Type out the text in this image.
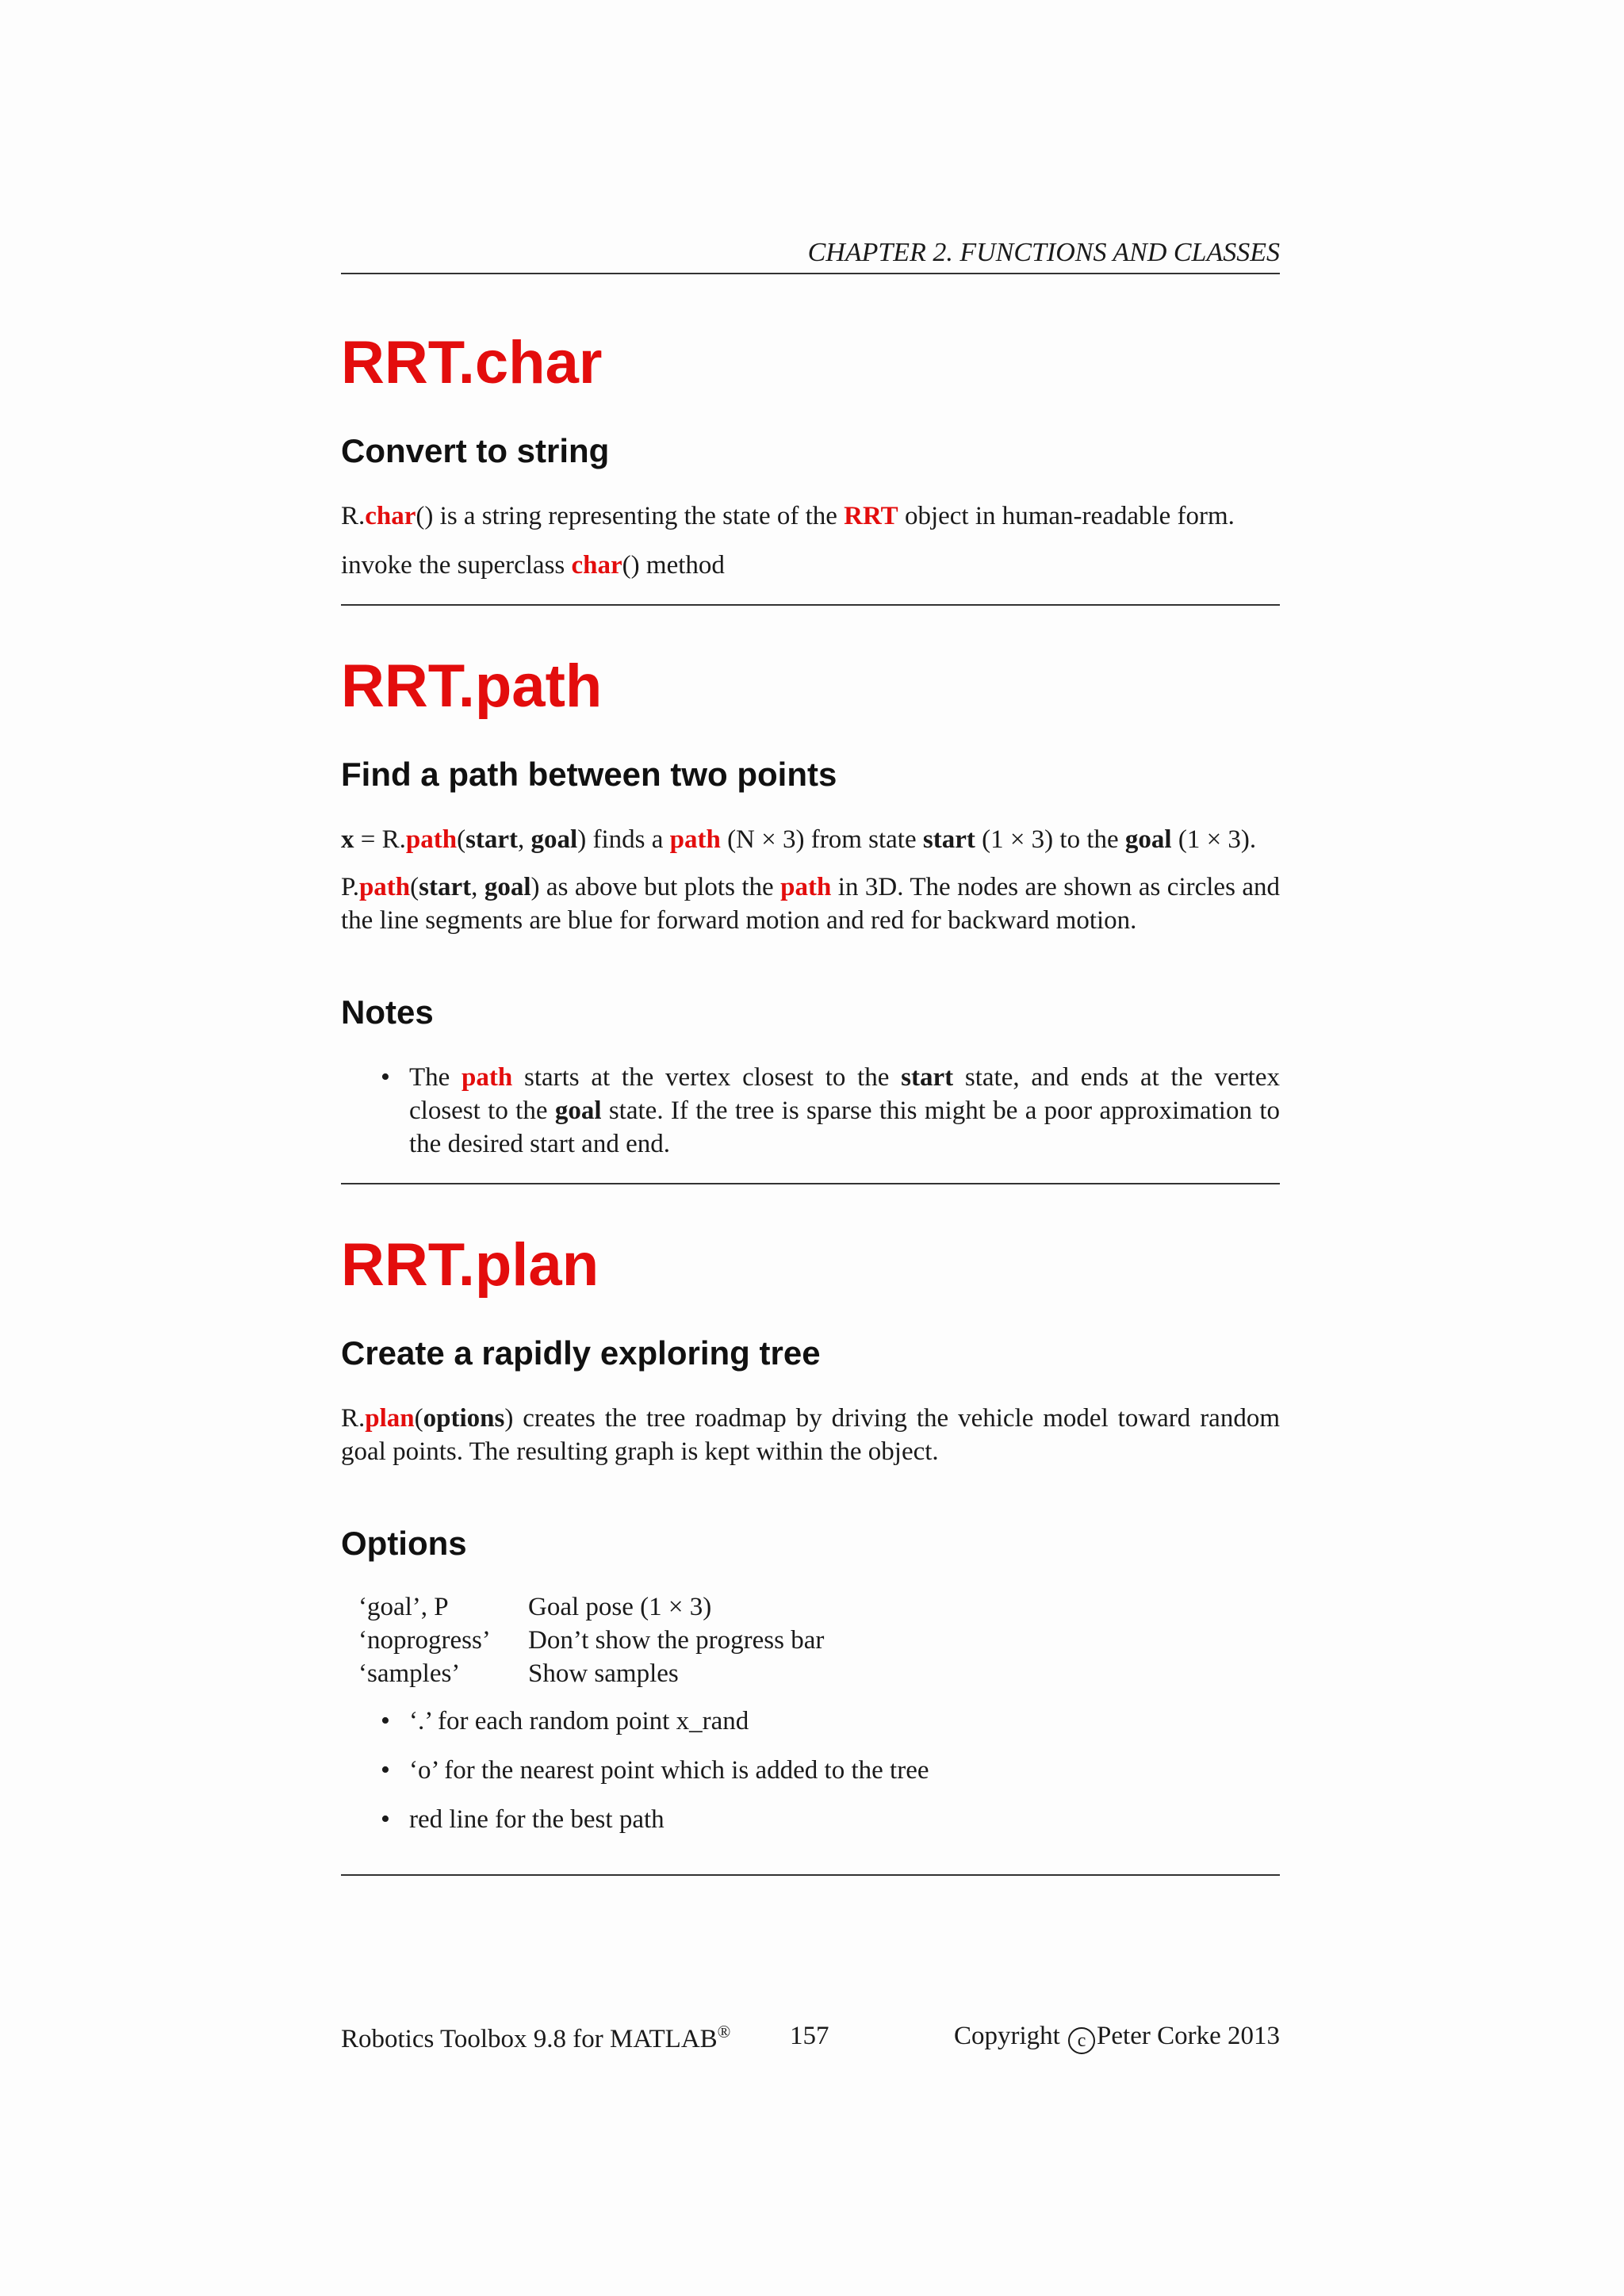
CHAPTER 2. FUNCTIONS AND CLASSES
RRT.char
Convert to string

R.char() is a string representing the state of the RRT object in human-readable form.

invoke the superclass char() method

RRT.path
Find a path between two points

x = R.path(start, goal) finds a path (N × 3) from state start (1 × 3) to the goal (1 × 3).

P.path(start, goal) as above but plots the path in 3D. The nodes are shown as circles and the line segments are blue for forward motion and red for backward motion.

Notes
• The path starts at the vertex closest to the start state, and ends at the vertex closest to the goal state. If the tree is sparse this might be a poor approximation to the desired start and end.
RRT.plan
Create a rapidly exploring tree

R.plan(options) creates the tree roadmap by driving the vehicle model toward random goal points. The resulting graph is kept within the object.

Options
‘goal’, P	Goal pose (1 × 3)
‘noprogress’	Don’t show the progress bar
‘samples’	Show samples
• ‘.’ for each random point x_rand
• ‘o’ for the nearest point which is added to the tree
• red line for the best path
Robotics Toolbox 9.8 for MATLAB® 157	Copyright c Peter Corke 2013
